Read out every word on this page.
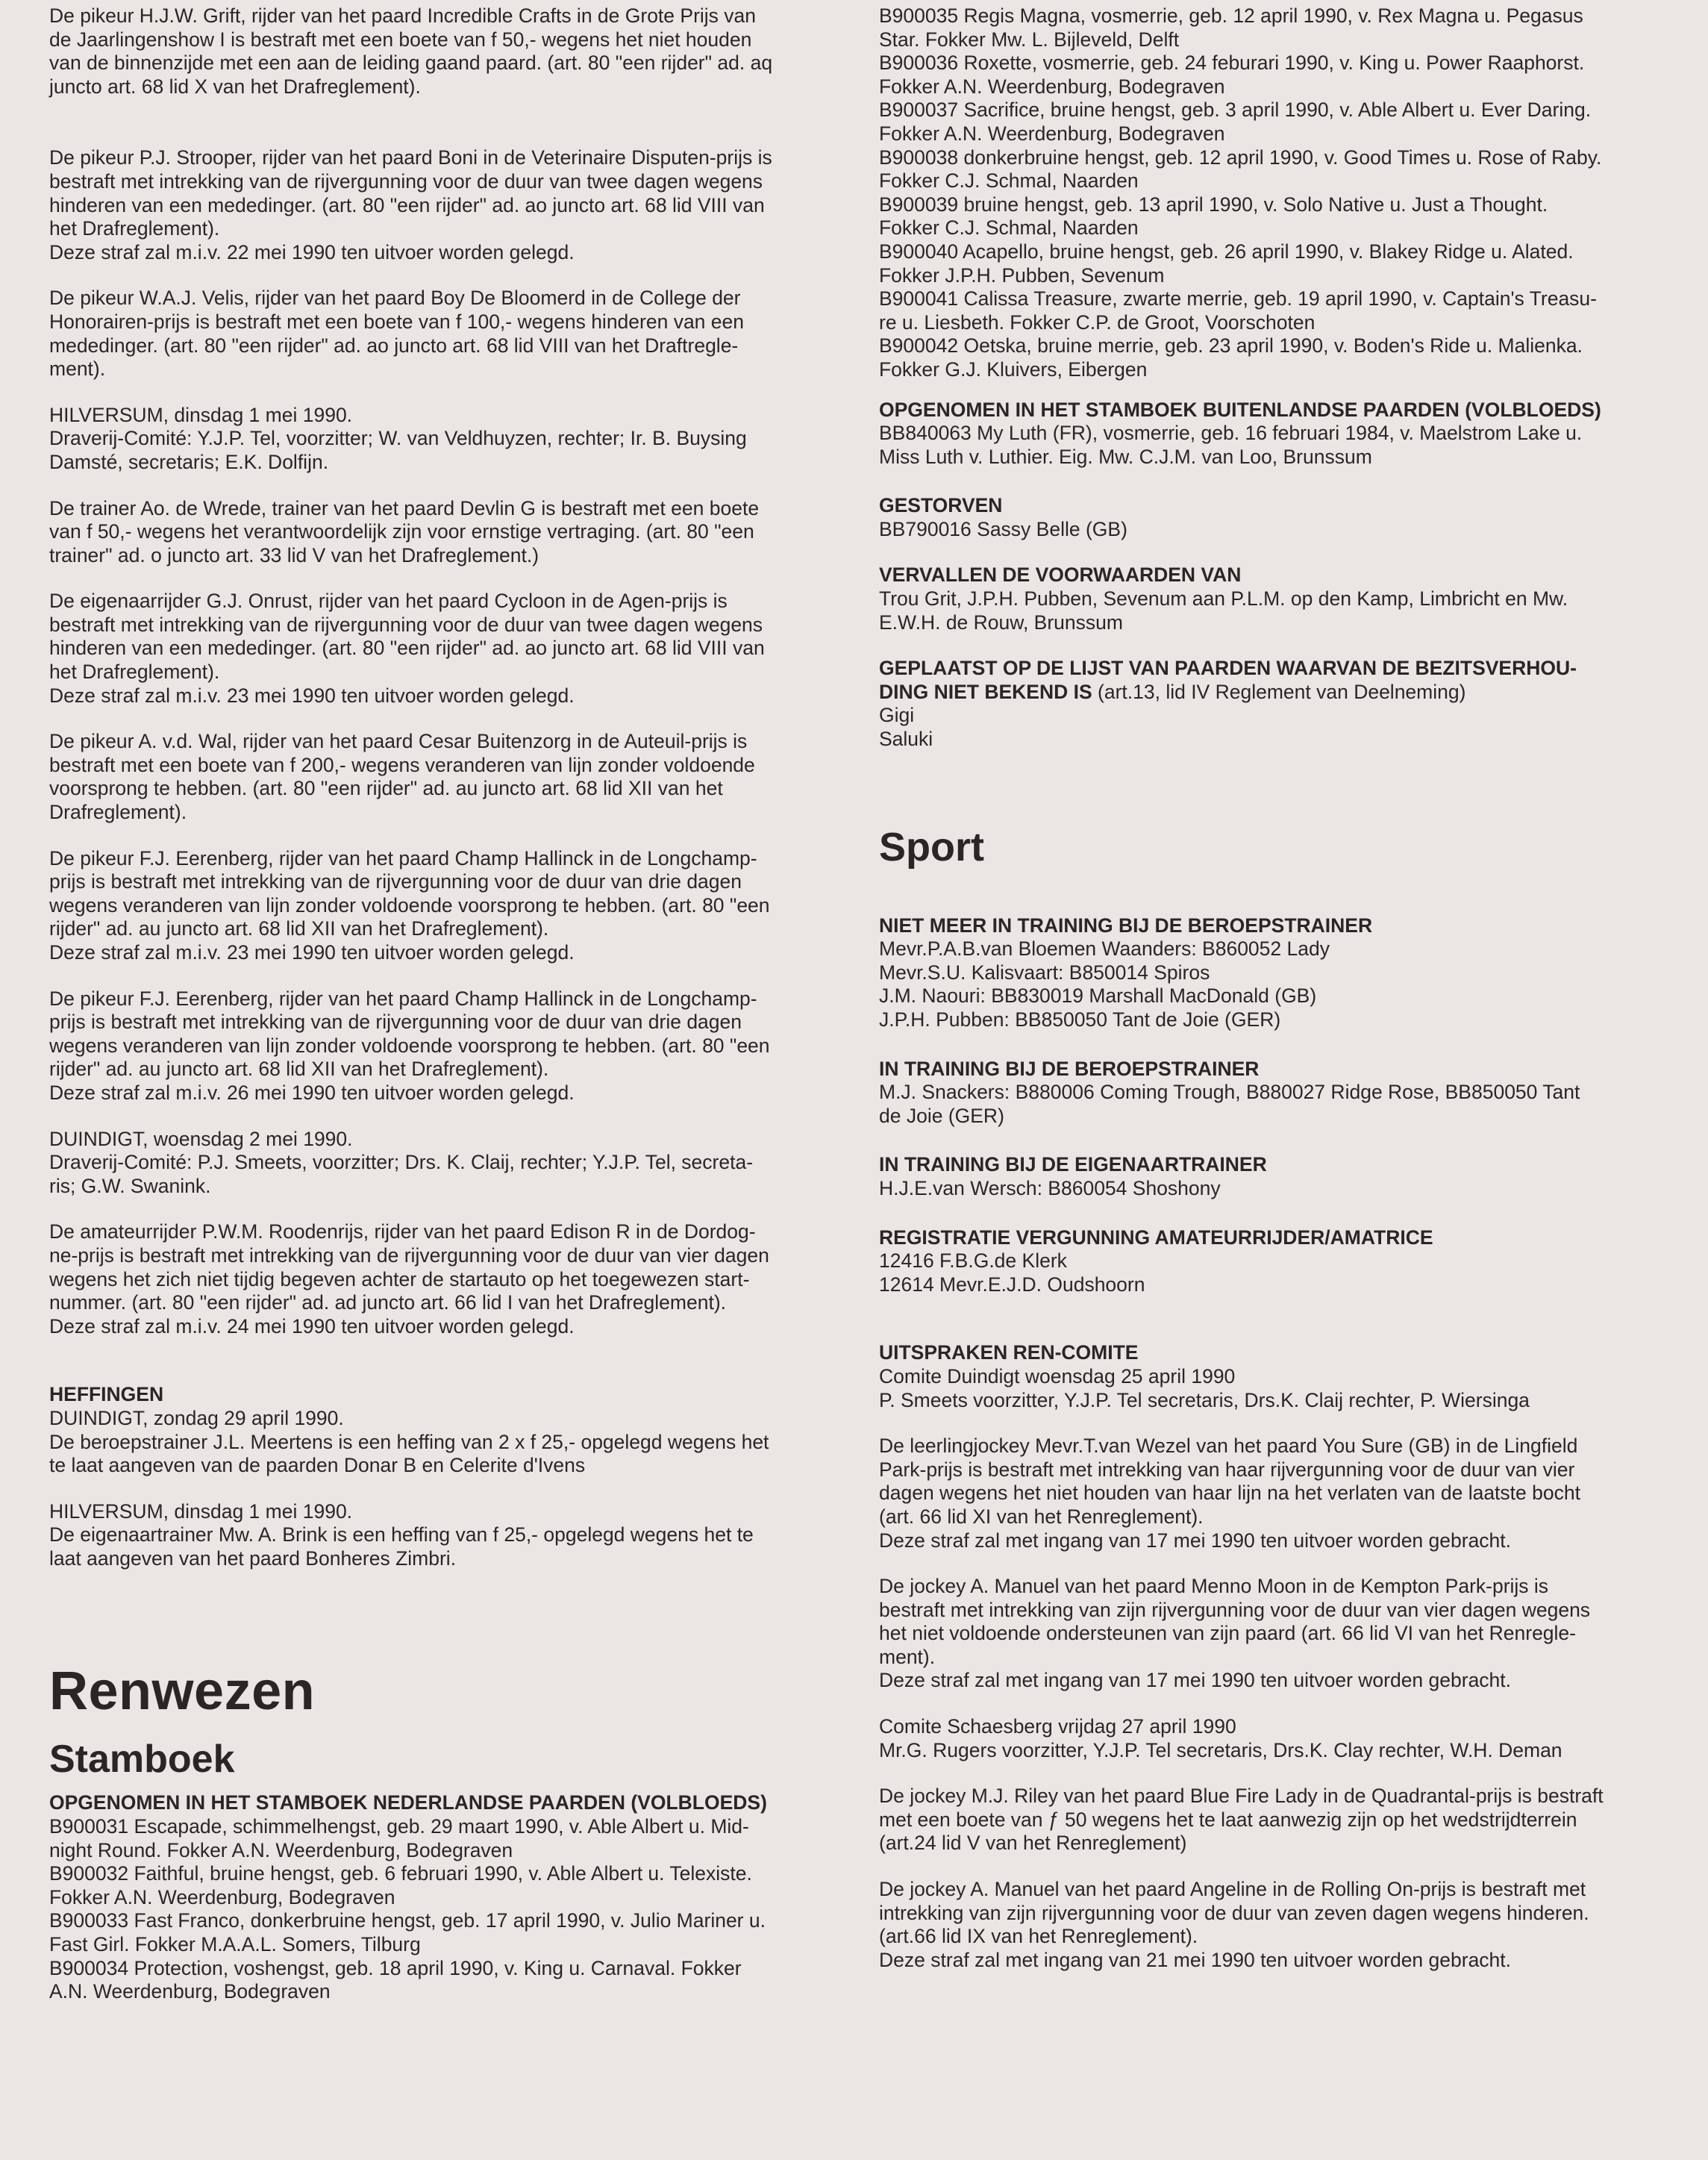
De pikeur H.J.W. Grift, rijder van het paard Incredible Crafts in de Grote Prijs van
de Jaarlingenshow I is bestraft met een boete van f 50,- wegens het niet houden
van de binnenzijde met een aan de leiding gaand paard. (art. 80 "een rijder" ad. aq
juncto art. 68 lid X van het Drafreglement).

De pikeur P.J. Strooper, rijder van het paard Boni in de Veterinaire Disputen-prijs is
bestraft met intrekking van de rijvergunning voor de duur van twee dagen wegens
hinderen van een mededinger. (art. 80 "een rijder" ad. ao juncto art. 68 lid VIII van
het Drafreglement).
Deze straf zal m.i.v. 22 mei 1990 ten uitvoer worden gelegd.

De pikeur W.A.J. Velis, rijder van het paard Boy De Bloomerd in de College der
Honorairen-prijs is bestraft met een boete van f 100,- wegens hinderen van een
mededinger. (art. 80 "een rijder" ad. ao juncto art. 68 lid VIII van het Draftregle-
ment).

HILVERSUM, dinsdag 1 mei 1990.
Draverij-Comité: Y.J.P. Tel, voorzitter; W. van Veldhuyzen, rechter; Ir. B. Buysing
Damsté, secretaris; E.K. Dolfijn.

De trainer Ao. de Wrede, trainer van het paard Devlin G is bestraft met een boete
van f 50,- wegens het verantwoordelijk zijn voor ernstige vertraging. (art. 80 "een
trainer" ad. o juncto art. 33 lid V van het Drafreglement.)

De eigenaarrijder G.J. Onrust, rijder van het paard Cycloon in de Agen-prijs is
bestraft met intrekking van de rijvergunning voor de duur van twee dagen wegens
hinderen van een mededinger. (art. 80 "een rijder" ad. ao juncto art. 68 lid VIII van
het Drafreglement).
Deze straf zal m.i.v. 23 mei 1990 ten uitvoer worden gelegd.

De pikeur A. v.d. Wal, rijder van het paard Cesar Buitenzorg in de Auteuil-prijs is
bestraft met een boete van f 200,- wegens veranderen van lijn zonder voldoende
voorsprong te hebben. (art. 80 "een rijder" ad. au juncto art. 68 lid XII van het
Drafreglement).

De pikeur F.J. Eerenberg, rijder van het paard Champ Hallinck in de Longchamp-
prijs is bestraft met intrekking van de rijvergunning voor de duur van drie dagen
wegens veranderen van lijn zonder voldoende voorsprong te hebben. (art. 80 "een
rijder" ad. au juncto art. 68 lid XII van het Drafreglement).
Deze straf zal m.i.v. 23 mei 1990 ten uitvoer worden gelegd.

De pikeur F.J. Eerenberg, rijder van het paard Champ Hallinck in de Longchamp-
prijs is bestraft met intrekking van de rijvergunning voor de duur van drie dagen
wegens veranderen van lijn zonder voldoende voorsprong te hebben. (art. 80 "een
rijder" ad. au juncto art. 68 lid XII van het Drafreglement).
Deze straf zal m.i.v. 26 mei 1990 ten uitvoer worden gelegd.

DUINDIGT, woensdag 2 mei 1990.
Draverij-Comité: P.J. Smeets, voorzitter; Drs. K. Claij, rechter; Y.J.P. Tel, secreta-
ris; G.W. Swanink.

De amateurrijder P.W.M. Roodenrijs, rijder van het paard Edison R in de Dordog-
ne-prijs is bestraft met intrekking van de rijvergunning voor de duur van vier dagen
wegens het zich niet tijdig begeven achter de startauto op het toegewezen start-
nummer. (art. 80 "een rijder" ad. ad juncto art. 66 lid I van het Drafreglement).
Deze straf zal m.i.v. 24 mei 1990 ten uitvoer worden gelegd.

HEFFINGEN

DUINDIGT, zondag 29 april 1990.
De beroepstrainer J.L. Meertens is een heffing van 2 x f 25,- opgelegd wegens het
te laat aangeven van de paarden Donar B en Celerite d'Ivens

HILVERSUM, dinsdag 1 mei 1990.
De eigenaartrainer Mw. A. Brink is een heffing van f 25,- opgelegd wegens het te
laat aangeven van het paard Bonheres Zimbri.

Renwezen
Stamboek
OPGENOMEN IN HET STAMBOEK NEDERLANDSE PAARDEN (VOLBLOEDS)

B900031 Escapade, schimmelhengst, geb. 29 maart 1990, v. Able Albert u. Mid-
night Round. Fokker A.N. Weerdenburg, Bodegraven
B900032 Faithful, bruine hengst, geb. 6 februari 1990, v. Able Albert u. Telexiste.
Fokker A.N. Weerdenburg, Bodegraven
B900033 Fast Franco, donkerbruine hengst, geb. 17 april 1990, v. Julio Mariner u.
Fast Girl. Fokker M.A.A.L. Somers, Tilburg
B900034 Protection, voshengst, geb. 18 april 1990, v. King u. Carnaval. Fokker
A.N. Weerdenburg, Bodegraven

B900035 Regis Magna, vosmerrie, geb. 12 april 1990, v. Rex Magna u. Pegasus
Star. Fokker Mw. L. Bijleveld, Delft
B900036 Roxette, vosmerrie, geb. 24 feburari 1990, v. King u. Power Raaphorst.
Fokker A.N. Weerdenburg, Bodegraven
B900037 Sacrifice, bruine hengst, geb. 3 april 1990, v. Able Albert u. Ever Daring.
Fokker A.N. Weerdenburg, Bodegraven
B900038 donkerbruine hengst, geb. 12 april 1990, v. Good Times u. Rose of Raby.
Fokker C.J. Schmal, Naarden
B900039 bruine hengst, geb. 13 april 1990, v. Solo Native u. Just a Thought.
Fokker C.J. Schmal, Naarden
B900040 Acapello, bruine hengst, geb. 26 april 1990, v. Blakey Ridge u. Alated.
Fokker J.P.H. Pubben, Sevenum
B900041 Calissa Treasure, zwarte merrie, geb. 19 april 1990, v. Captain's Treasu-
re u. Liesbeth. Fokker C.P. de Groot, Voorschoten
B900042 Oetska, bruine merrie, geb. 23 april 1990, v. Boden's Ride u. Malienka.
Fokker G.J. Kluivers, Eibergen

OPGENOMEN IN HET STAMBOEK BUITENLANDSE PAARDEN (VOLBLOEDS)

BB840063 My Luth (FR), vosmerrie, geb. 16 februari 1984, v. Maelstrom Lake u.
Miss Luth v. Luthier. Eig. Mw. C.J.M. van Loo, Brunssum

GESTORVEN

BB790016 Sassy Belle (GB)

VERVALLEN DE VOORWAARDEN VAN

Trou Grit, J.P.H. Pubben, Sevenum aan P.L.M. op den Kamp, Limbricht en Mw.
E.W.H. de Rouw, Brunssum

GEPLAATST OP DE LIJST VAN PAARDEN WAARVAN DE BEZITSVERHOU-

DING NIET BEKEND IS (art.13, lid IV Reglement van Deelneming)

Gigi
Saluki

Sport
NIET MEER IN TRAINING BIJ DE BEROEPSTRAINER

Mevr.P.A.B.van Bloemen Waanders: B860052 Lady
Mevr.S.U. Kalisvaart: B850014 Spiros
J.M. Naouri: BB830019 Marshall MacDonald (GB)
J.P.H. Pubben: BB850050 Tant de Joie (GER)

IN TRAINING BIJ DE BEROEPSTRAINER

M.J. Snackers: B880006 Coming Trough, B880027 Ridge Rose, BB850050 Tant
de Joie (GER)

IN TRAINING BIJ DE EIGENAARTRAINER

H.J.E.van Wersch: B860054 Shoshony

REGISTRATIE VERGUNNING AMATEURRIJDER/AMATRICE

12416 F.B.G.de Klerk
12614 Mevr.E.J.D. Oudshoorn

UITSPRAKEN REN-COMITE

Comite Duindigt woensdag 25 april 1990
P. Smeets voorzitter, Y.J.P. Tel secretaris, Drs.K. Claij rechter, P. Wiersinga

De leerlingjockey Mevr.T.van Wezel van het paard You Sure (GB) in de Lingfield
Park-prijs is bestraft met intrekking van haar rijvergunning voor de duur van vier
dagen wegens het niet houden van haar lijn na het verlaten van de laatste bocht
(art. 66 lid XI van het Renreglement).
Deze straf zal met ingang van 17 mei 1990 ten uitvoer worden gebracht.

De jockey A. Manuel van het paard Menno Moon in de Kempton Park-prijs is
bestraft met intrekking van zijn rijvergunning voor de duur van vier dagen wegens
het niet voldoende ondersteunen van zijn paard (art. 66 lid VI van het Renregle-
ment).
Deze straf zal met ingang van 17 mei 1990 ten uitvoer worden gebracht.

Comite Schaesberg vrijdag 27 april 1990
Mr.G. Rugers voorzitter, Y.J.P. Tel secretaris, Drs.K. Clay rechter, W.H. Deman

De jockey M.J. Riley van het paard Blue Fire Lady in de Quadrantal-prijs is bestraft
met een boete van ƒ 50 wegens het te laat aanwezig zijn op het wedstrijdterrein
(art.24 lid V van het Renreglement)

De jockey A. Manuel van het paard Angeline in de Rolling On-prijs is bestraft met
intrekking van zijn rijvergunning voor de duur van zeven dagen wegens hinderen.
(art.66 lid IX van het Renreglement).
Deze straf zal met ingang van 21 mei 1990 ten uitvoer worden gebracht.
